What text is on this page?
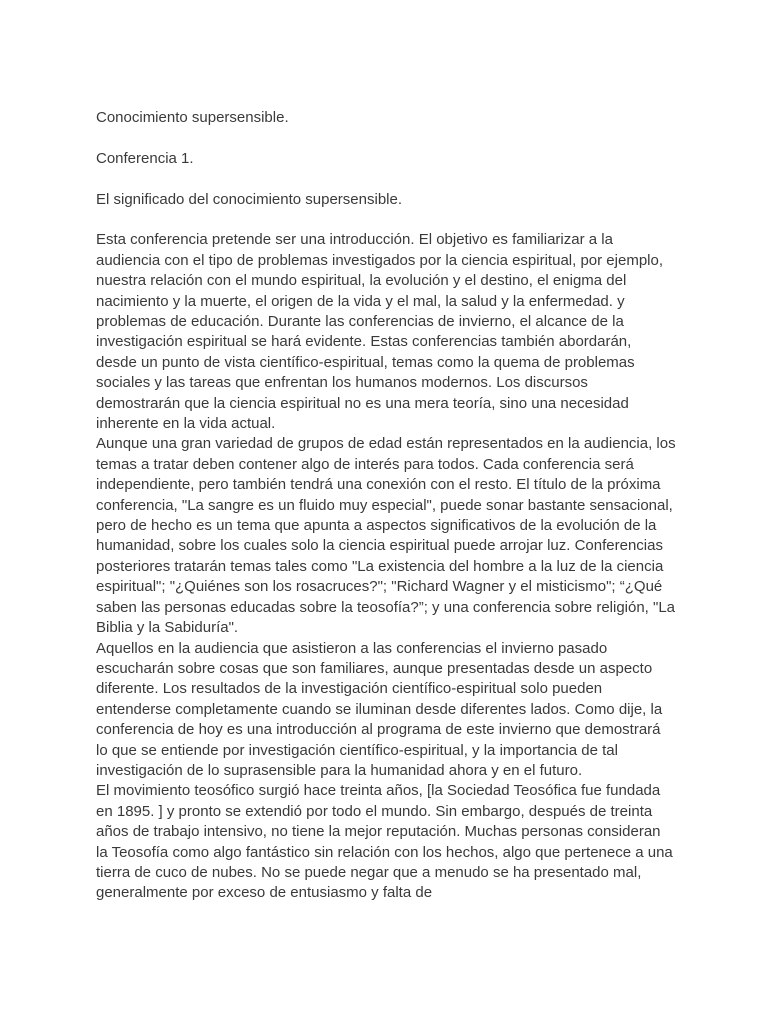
Conocimiento supersensible.

Conferencia 1.

El significado del conocimiento supersensible.

Esta conferencia pretende ser una introducción. El objetivo es familiarizar a la audiencia con el tipo de problemas investigados por la ciencia espiritual, por ejemplo, nuestra relación con el mundo espiritual, la evolución y el destino, el enigma del nacimiento y la muerte, el origen de la vida y el mal, la salud y la enfermedad. y problemas de educación. Durante las conferencias de invierno, el alcance de la investigación espiritual se hará evidente. Estas conferencias también abordarán, desde un punto de vista científico-espiritual, temas como la quema de problemas sociales y las tareas que enfrentan los humanos modernos. Los discursos demostrarán que la ciencia espiritual no es una mera teoría, sino una necesidad inherente en la vida actual.

Aunque una gran variedad de grupos de edad están representados en la audiencia, los temas a tratar deben contener algo de interés para todos. Cada conferencia será independiente, pero también tendrá una conexión con el resto. El título de la próxima conferencia, "La sangre es un fluido muy especial", puede sonar bastante sensacional, pero de hecho es un tema que apunta a aspectos significativos de la evolución de la humanidad, sobre los cuales solo la ciencia espiritual puede arrojar luz. Conferencias posteriores tratarán temas tales como "La existencia del hombre a la luz de la ciencia espiritual"; "¿Quiénes son los rosacruces?"; "Richard Wagner y el misticismo"; “¿Qué saben las personas educadas sobre la teosofía?”; y una conferencia sobre religión, "La Biblia y la Sabiduría".

Aquellos en la audiencia que asistieron a las conferencias el invierno pasado escucharán sobre cosas que son familiares, aunque presentadas desde un aspecto diferente. Los resultados de la investigación científico-espiritual solo pueden entenderse completamente cuando se iluminan desde diferentes lados. Como dije, la conferencia de hoy es una introducción al programa de este invierno que demostrará lo que se entiende por investigación científico-espiritual, y la importancia de tal investigación de lo suprasensible para la humanidad ahora y en el futuro.

El movimiento teosófico surgió hace treinta años, [la Sociedad Teosófica fue fundada en 1895. ] y pronto se extendió por todo el mundo. Sin embargo, después de treinta años de trabajo intensivo, no tiene la mejor reputación. Muchas personas consideran la Teosofía como algo fantástico sin relación con los hechos, algo que pertenece a una tierra de cuco de nubes. No se puede negar que a menudo se ha presentado mal, generalmente por exceso de entusiasmo y falta de
